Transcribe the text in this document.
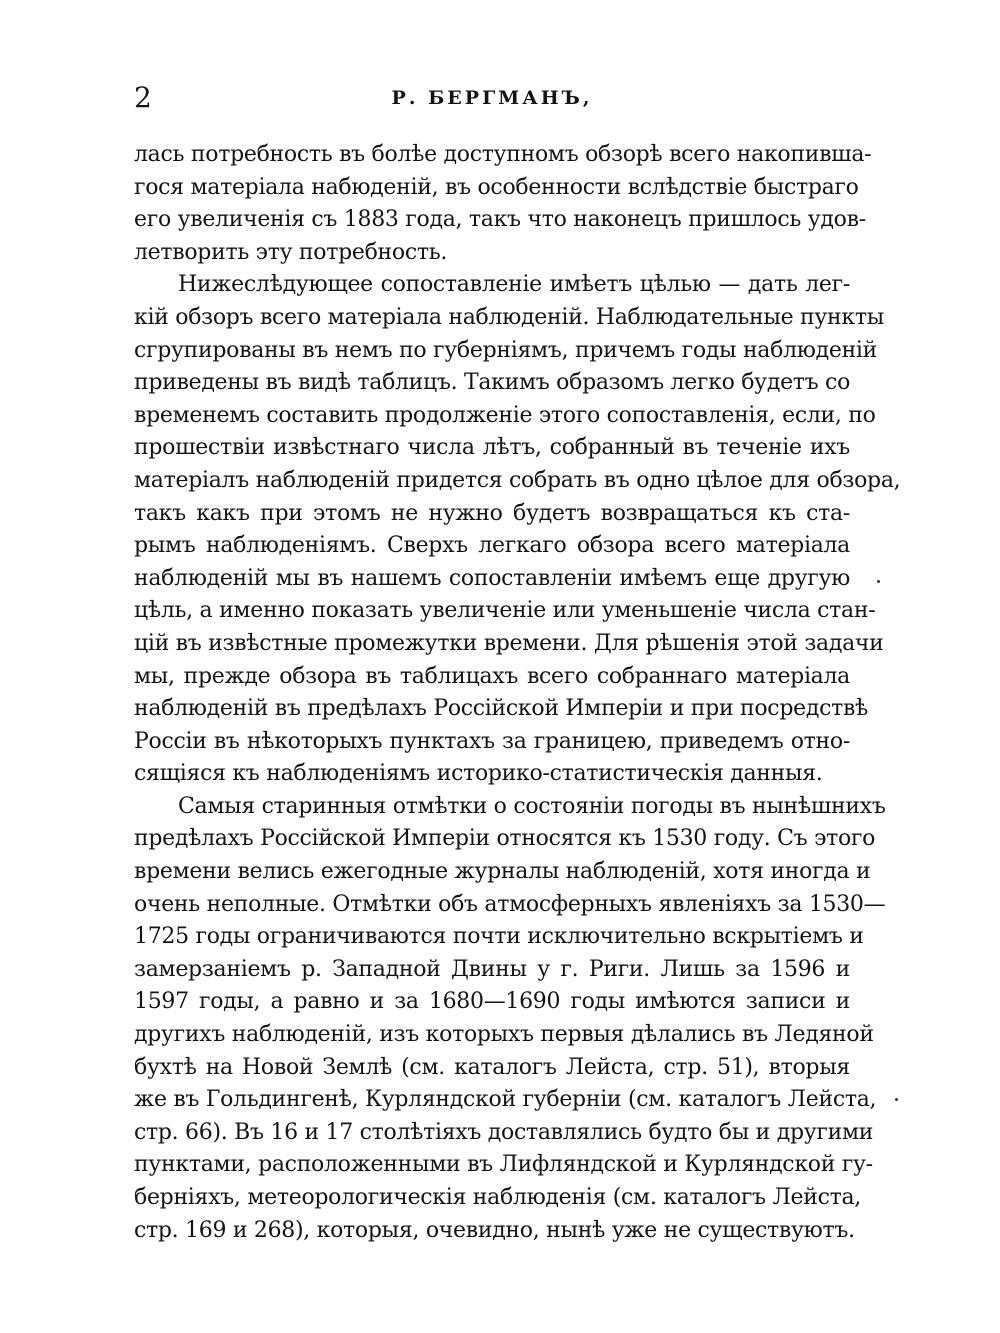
2	Р. БЕРГМАНЪ,
лась потребность въ болѣе доступномъ обзорѣ всего накопивша-
гося матеріала набюденій, въ особенности вслѣдствіе быстраго
его увеличенія съ 1883 года, такъ что наконецъ пришлось удов-
летворить эту потребность.
Нижеслѣдующее сопоставленіе имѣетъ цѣлью — дать лег-
кій обзоръ всего матеріала наблюденій. Наблюдательные пункты
сгрупированы въ немъ по губерніямъ, причемъ годы наблюденій
приведены въ видѣ таблицъ. Такимъ образомъ легко будетъ со
временемъ составить продолженіе этого сопоставленія, если, по
прошествіи извѣстнаго числа лѣтъ, собранный въ теченіе ихъ
матеріалъ наблюденій придется собрать въ одно цѣлое для обзора,
такъ какъ при этомъ не нужно будетъ возвращаться къ ста-
рымъ наблюденіямъ. Сверхъ легкаго обзора всего матеріала
наблюденій мы въ нашемъ сопоставленіи имѣемъ еще другую
цѣль, а именно показать увеличеніе или уменьшеніе числа стан-
цій въ извѣстные промежутки времени. Для рѣшенія этой задачи
мы, прежде обзора въ таблицахъ всего собраннаго матеріала
наблюденій въ предѣлахъ Россійской Имперіи и при посредствѣ
Россіи въ нѣкоторыхъ пунктахъ за границею, приведемъ отно-
сящіяся къ наблюденіямъ историко-статистическія данныя.
Самыя старинныя отмѣтки о состояніи погоды въ нынѣшнихъ
предѣлахъ Россійской Имперіи относятся къ 1530 году. Съ этого
времени велись ежегодные журналы наблюденій, хотя иногда и
очень неполные. Отмѣтки объ атмосферныхъ явленіяхъ за 1530—
1725 годы ограничиваются почти исключительно вскрытіемъ и
замерзаніемъ р. Западной Двины у г. Риги. Лишь за 1596 и
1597 годы, а равно и за 1680—1690 годы имѣются записи и
другихъ наблюденій, изъ которыхъ первыя дѣлались въ Ледяной
бухтѣ на Новой Землѣ (см. каталогъ Лейста, стр. 51), вторыя
же въ Гольдингенѣ, Курляндской губерніи (см. каталогъ Лейста,
стр. 66). Въ 16 и 17 столѣтіяхъ доставлялись будто бы и другими
пунктами, расположенными въ Лифляндской и Курляндской гу-
берніяхъ, метеорологическія наблюденія (см. каталогъ Лейста,
стр. 169 и 268), которыя, очевидно, нынѣ уже не существуютъ.
